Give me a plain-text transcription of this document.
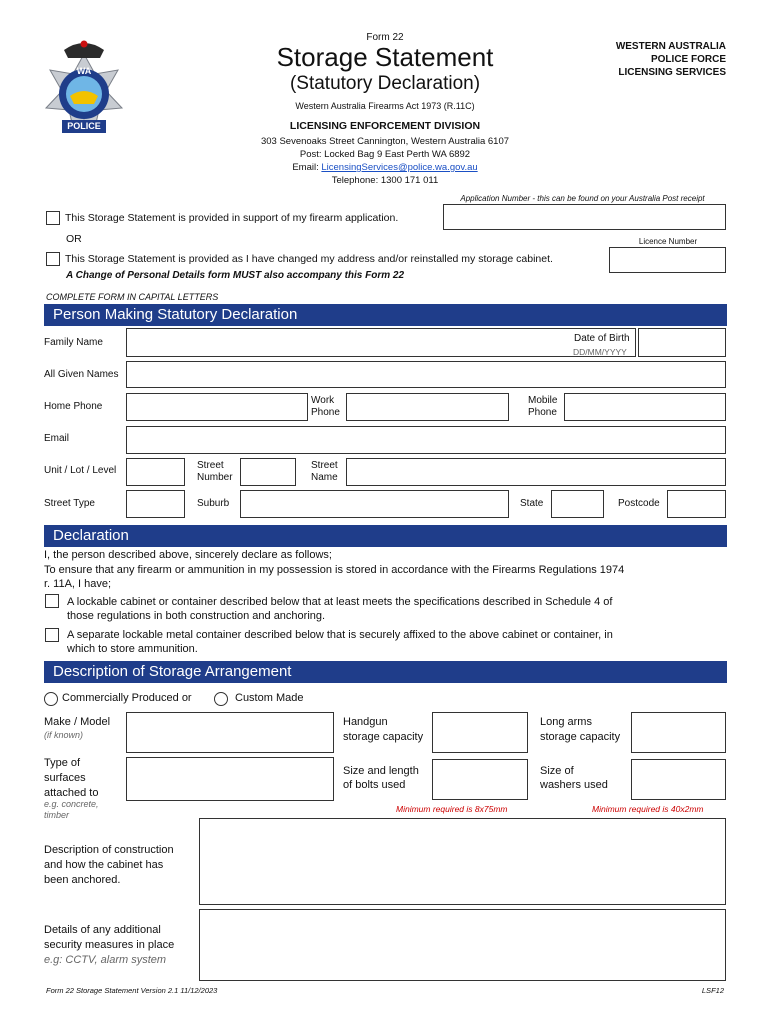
WA
POLICE
Form 22
Storage Statement
(Statutory Declaration)
Western Australia Firearms Act 1973 (R.11C)
LICENSING ENFORCEMENT DIVISION
303 Sevenoaks Street Cannington, Western Australia 6107
Post: Locked Bag 9 East Perth WA 6892
Email: LicensingServices@police.wa.gov.au
Telephone: 1300 171 011
WESTERN AUSTRALIA
POLICE FORCE
LICENSING SERVICES
Application Number - this can be found on your Australia Post receipt
This Storage Statement is provided in support of my firearm application.
OR	Licence Number
This Storage Statement is provided as I have changed my address and/or reinstalled my storage cabinet.
A Change of Personal Details form MUST also accompany this Form 22
COMPLETE FORM IN CAPITAL LETTERS
Person Making Statutory Declaration
Family Name	Date of Birth
DD/MM/YYYY
All Given Names
Home Phone
Work
Phone
Mobile
Phone
Email
Unit / Lot / Level	Street
Number
Street
Name
Street Type	Suburb	State	Postcode
Declaration
I, the person described above, sincerely declare as follows;
To ensure that any firearm or ammunition in my possession is stored in accordance with the Firearms Regulations 1974
r. 11A, I have;
A lockable cabinet or container described below that at least meets the specifications described in Schedule 4 of
those regulations in both construction and anchoring.
A separate lockable metal container described below that is securely affixed to the above cabinet or container, in
which to store ammunition.
Description of Storage Arrangement
Commercially Produced or	Custom Made
Make / Model
(if known)
Handgun
storage capacity
Long arms
storage capacity
Type of
surfaces
attached to
e.g. concrete,
timber
Size and length
of bolts used
Size of
washers used
Minimum required is 8x75mm	Minimum required is 40x2mm
Description of construction
and how the cabinet has
been anchored.
Details of any additional
security measures in place
e.g: CCTV, alarm system
Form 22 Storage Statement Version 2.1 11/12/2023	LSF12
